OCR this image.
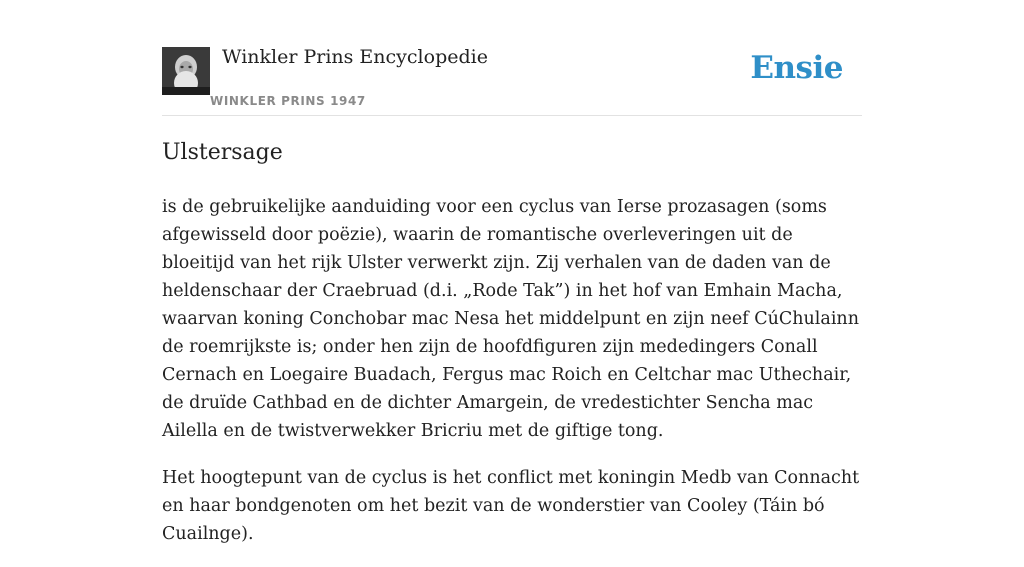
Winkler Prins Encyclopedie
WINKLER PRINS 1947
Ensie
Ulstersage

is de gebruikelijke aanduiding voor een cyclus van Ierse prozasagen (soms afgewisseld door poëzie), waarin de romantische overleveringen uit de bloeitijd van het rijk Ulster verwerkt zijn. Zij verhalen van de daden van de heldenschaar der Craebruad (d.i. „Rode Tak”) in het hof van Emhain Macha, waarvan koning Conchobar mac Nesa het middelpunt en zijn neef CúChulainn de roemrijkste is; onder hen zijn de hoofdfiguren zijn mededingers Conall Cernach en Loegaire Buadach, Fergus mac Roich en Celtchar mac Uthechair, de druïde Cathbad en de dichter Amargein, de vredestichter Sencha mac Ailella en de twistverwekker Bricriu met de giftige tong.

Het hoogtepunt van de cyclus is het conflict met koningin Medb van Connacht en haar bondgenoten om het bezit van de wonderstier van Cooley (Táin bó Cuailnge).
